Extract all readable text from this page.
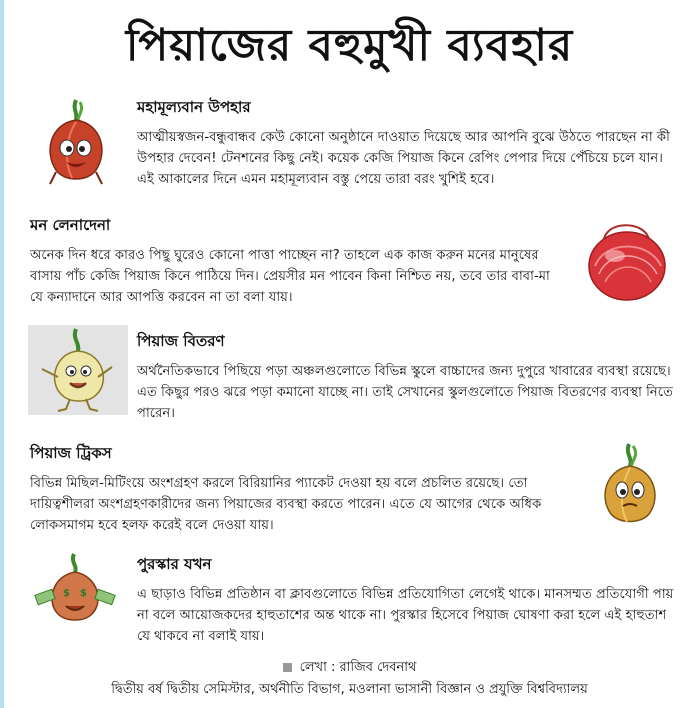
পিয়াজের বহুমুখী ব্যবহার

মহামূল্যবান উপহার

আত্মীয়স্বজন-বন্ধুবান্ধব কেউ কোনো অনুষ্ঠানে দাওয়াত দিয়েছে আর আপনি বুঝে উঠতে পারছেন না কী উপহার দেবেন! টেনশনের কিছু নেই। কয়েক কেজি পিয়াজ কিনে রেপিং পেপার দিয়ে পেঁচিয়ে চলে যান। এই আকালের দিনে এমন মহামূল্যবান বস্তু পেয়ে তারা বরং খুশিই হবে।

মন লেনাদেনা

অনেক দিন ধরে কারও পিছু ঘুরেও কোনো পাত্তা পাচ্ছেন না? তাহলে এক কাজ করুন মনের মানুষের বাসায় পাঁচ কেজি পিয়াজ কিনে পাঠিয়ে দিন। প্রেয়সীর মন পাবেন কিনা নিশ্চিত নয়, তবে তার বাবা-মা যে কন্যাদানে আর আপত্তি করবেন না তা বলা যায়।

পিয়াজ বিতরণ

অর্থনৈতিকভাবে পিছিয়ে পড়া অঞ্চলগুলোতে বিভিন্ন স্কুলে বাচ্চাদের জন্য দুপুরে খাবারের ব্যবস্থা রয়েছে। এত কিছুর পরও ঝরে পড়া কমানো যাচ্ছে না। তাই সেখানের স্কুলগুলোতে পিয়াজ বিতরণের ব্যবস্থা নিতে পারেন।

পিয়াজ ট্রিকস

বিভিন্ন মিছিল-মিটিংয়ে অংশগ্রহণ করলে বিরিয়ানির প্যাকেট দেওয়া হয় বলে প্রচলিত রয়েছে। তো দায়িত্বশীলরা অংশগ্রহণকারীদের জন্য পিয়াজের ব্যবস্থা করতে পারেন। এতে যে আগের থেকে অধিক লোকসমাগম হবে হলফ করেই বলে দেওয়া যায়।

$ $

পুরস্কার যখন

এ ছাড়াও বিভিন্ন প্রতিষ্ঠান বা ক্লাবগুলোতে বিভিন্ন প্রতিযোগিতা লেগেই থাকে। মানসম্মত প্রতিযোগী পায় না বলে আয়োজকদের হাহুতাশের অন্ত থাকে না। পুরস্কার হিসেবে পিয়াজ ঘোষণা করা হলে এই হাহুতাশ যে থাকবে না বলাই যায়।

লেখা : রাজিব দেবনাথ
দ্বিতীয় বর্ষ দ্বিতীয় সেমিস্টার, অর্থনীতি বিভাগ, মওলানা ভাসানী বিজ্ঞান ও প্রযুক্তি বিশ্ববিদ্যালয়
